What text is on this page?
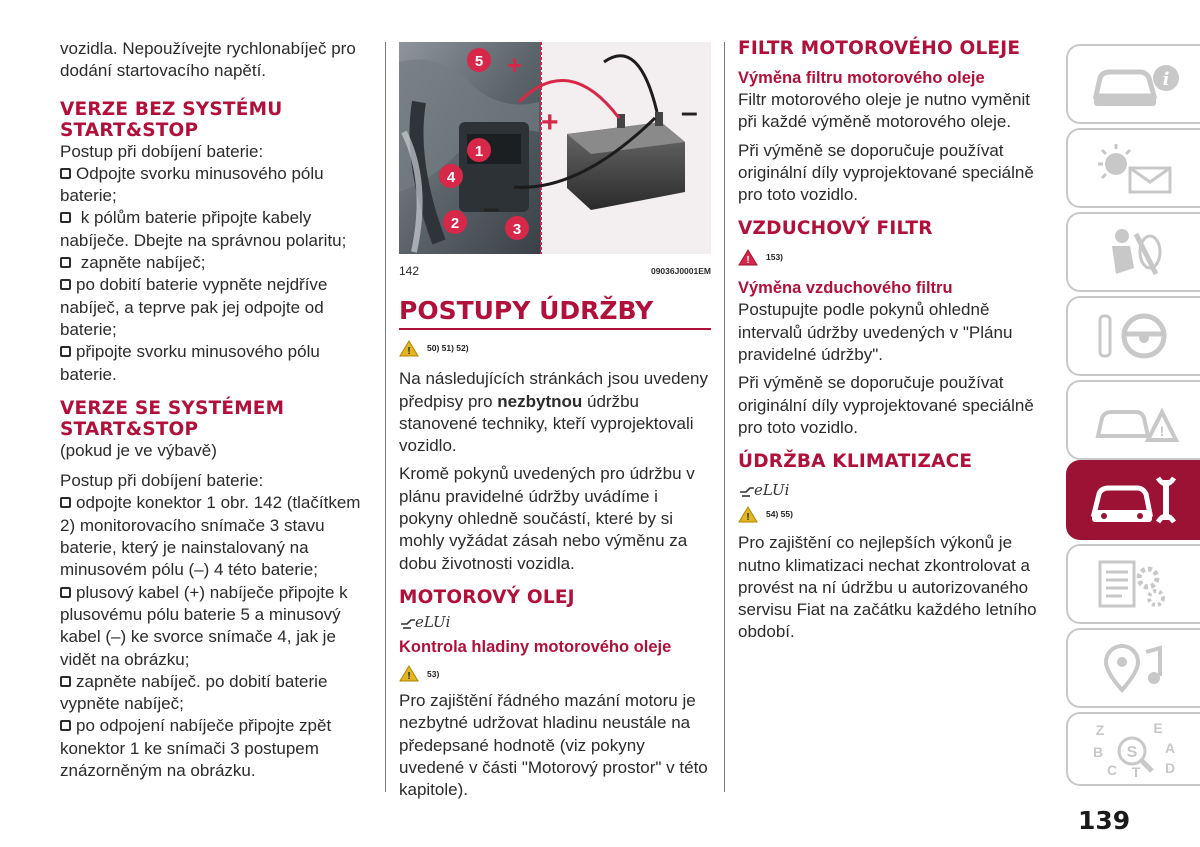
vozidla. Nepoužívejte rychlonabíječ pro dodání startovacího napětí.

VERZE BEZ SYSTÉMU START&STOP

Postup při dobíjení baterie:

Odpojte svorku minusového pólu baterie;

k pólům baterie připojte kabely nabíječe. Dbejte na správnou polaritu;

zapněte nabíječ;

po dobití baterie vypněte nejdříve nabíječ, a teprve pak jej odpojte od baterie;

připojte svorku minusového pólu baterie.

VERZE SE SYSTÉMEM START&STOP

(pokud je ve výbavě)

Postup při dobíjení baterie:

odpojte konektor 1 obr. 142 (tlačítkem 2) monitorovacího snímače 3 stavu baterie, který je nainstalovaný na minusovém pólu (–) 4 této baterie;

plusový kabel (+) nabíječe připojte k plusovému pólu baterie 5 a minusový kabel (–) ke svorce snímače 4, jak je vidět na obrázku;

zapněte nabíječ. po dobití baterie vypněte nabíječ;

po odpojení nabíječe připojte zpět konektor 1 ke snímači 3 postupem znázorněným na obrázku.

+
+
–
–
5
1
4
2	3
142	09036J0001EM
POSTUPY ÚDRŽBY
! 50) 51) 52)

Na následujících stránkách jsou uvedeny předpisy pro nezbytnou údržbu stanovené techniky, kteří vyprojektovali vozidlo.

Kromě pokynů uvedených pro údržbu v plánu pravidelné údržby uvádíme i pokyny ohledně součástí, které by si mohly vyžádat zásah nebo výměnu za dobu životnosti vozidla.

MOTOROVÝ OLEJ
eLUi
Kontrola hladiny motorového oleje
! 53)

Pro zajištění řádného mazání motoru je nezbytné udržovat hladinu neustále na předepsané hodnotě (viz pokyny uvedené v části "Motorový prostor" v této kapitole).

FILTR MOTOROVÉHO OLEJE
Výměna filtru motorového oleje

Filtr motorového oleje je nutno vyměnit při každé výměně motorového oleje.

Při výměně se doporučuje používat originální díly vyprojektované speciálně pro toto vozidlo.

VZDUCHOVÝ FILTR
! 153)
Výměna vzduchového filtru

Postupujte podle pokynů ohledně intervalů údržby uvedených v "Plánu pravidelné údržby".

Při výměně se doporučuje používat originální díly vyprojektované speciálně pro toto vozidlo.

ÚDRŽBA KLIMATIZACE
eLUi
! 54) 55)

Pro zajištění co nejlepších výkonů je nutno klimatizaci nechat zkontrolovat a provést na ní údržbu u autorizovaného servisu Fiat na začátku každého letního období.

i
!
Z	E
B	A
C T D
S
139
